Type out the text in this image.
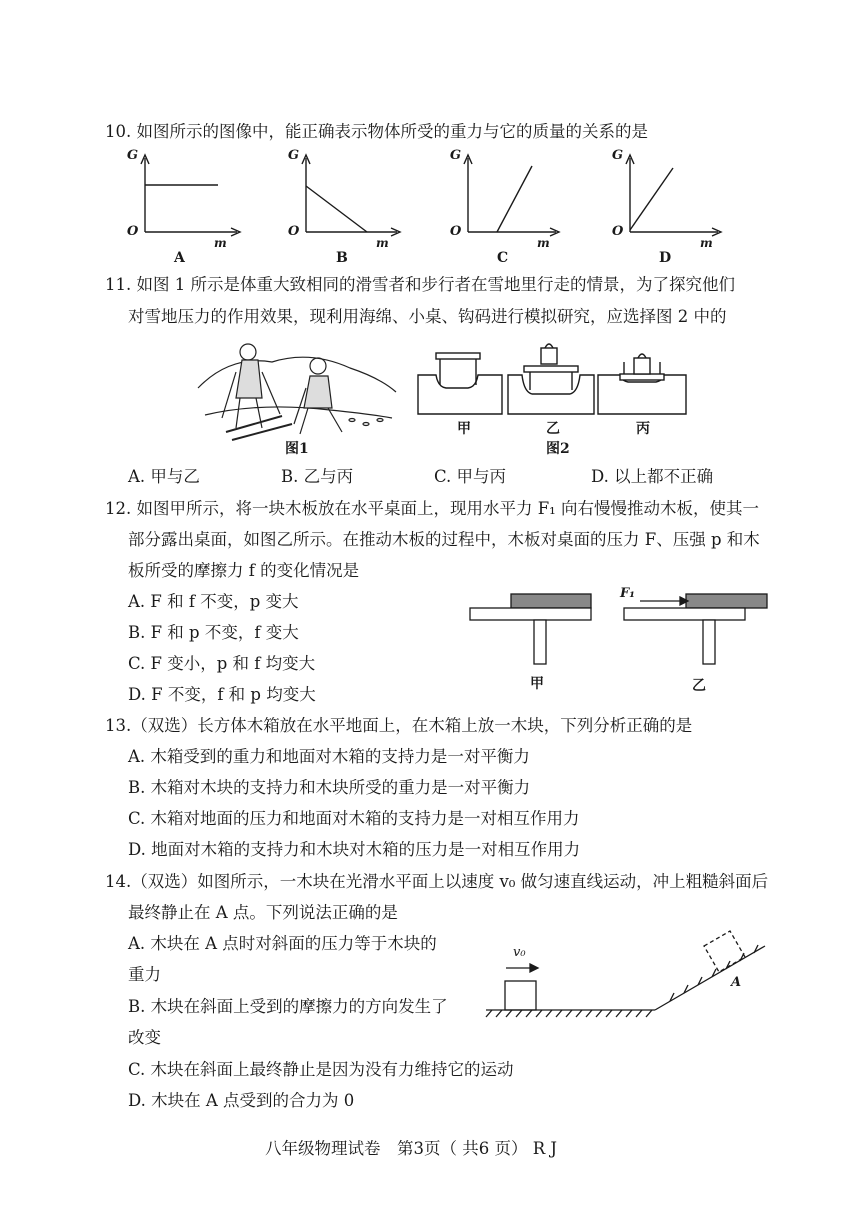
10. 如图所示的图像中，能正确表示物体所受的重力与它的质量的关系的是
G
O
m
A
G
O
m
B
G
O
m
C
G
O
m
D
11. 如图 1 所示是体重大致相同的滑雪者和步行者在雪地里行走的情景，为了探究他们
对雪地压力的作用效果，现利用海绵、小桌、钩码进行模拟研究，应选择图 2 中的
图1
甲	乙	丙
图2
A. 甲与乙	B. 乙与丙	C. 甲与丙	D. 以上都不正确
12. 如图甲所示，将一块木板放在水平桌面上，现用水平力 F₁ 向右慢慢推动木板，使其一
部分露出桌面，如图乙所示。在推动木板的过程中，木板对桌面的压力 F、压强 p 和木
板所受的摩擦力 f 的变化情况是
A. F 和 f 不变，p 变大
B. F 和 p 不变，f 变大
C. F 变小，p 和 f 均变大
D. F 不变，f 和 p 均变大
F₁
甲	乙
13.（双选）长方体木箱放在水平地面上，在木箱上放一木块，下列分析正确的是
A. 木箱受到的重力和地面对木箱的支持力是一对平衡力
B. 木箱对木块的支持力和木块所受的重力是一对平衡力
C. 木箱对地面的压力和地面对木箱的支持力是一对相互作用力
D. 地面对木箱的支持力和木块对木箱的压力是一对相互作用力
14.（双选）如图所示，一木块在光滑水平面上以速度 v₀ 做匀速直线运动，冲上粗糙斜面后
最终静止在 A 点。下列说法正确的是
A. 木块在 A 点时对斜面的压力等于木块的
重力
B. 木块在斜面上受到的摩擦力的方向发生了
改变
C. 木块在斜面上最终静止是因为没有力维持它的运动
D. 木块在 A 点受到的合力为 0
v₀
A
八年级物理试卷　第3页（ 共6 页） R J
